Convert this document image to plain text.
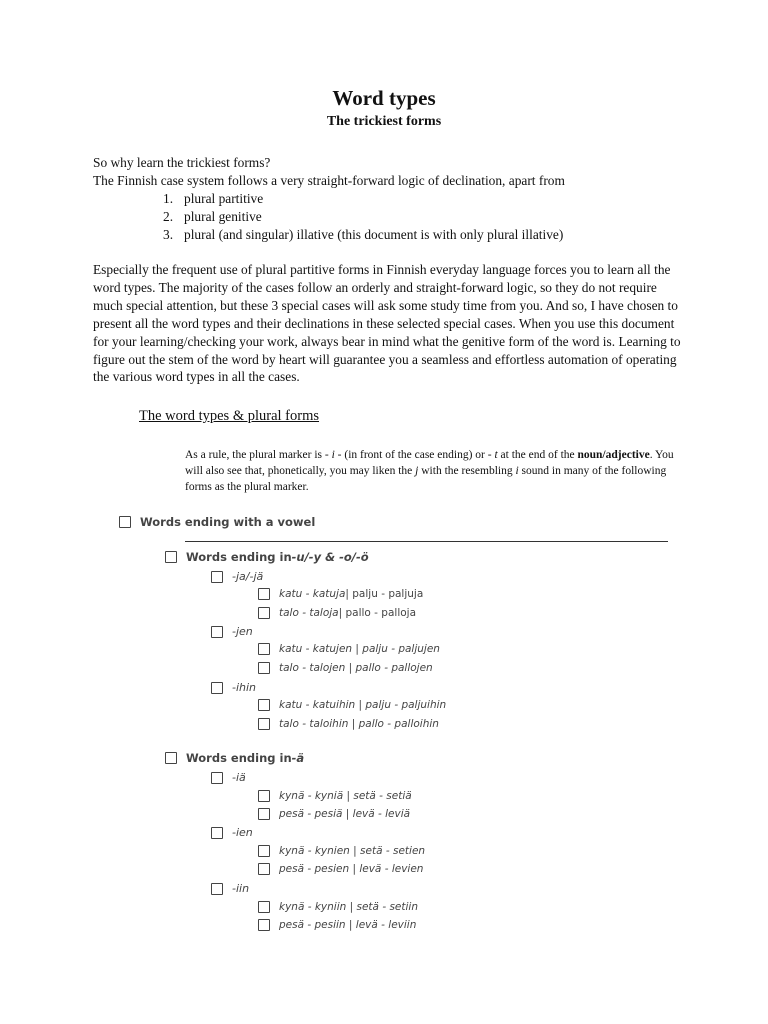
Word types
The trickiest forms

So why learn the trickiest forms?

The Finnish case system follows a very straight-forward logic of declination, apart from

1. plural partitive
2. plural genitive
3. plural (and singular) illative (this document is with only plural illative)
Especially the frequent use of plural partitive forms in Finnish everyday language forces you to learn all the word types. The majority of the cases follow an orderly and straight-forward logic, so they do not require much special attention, but these 3 special cases will ask some study time from you. And so, I have chosen to present all the word types and their declinations in these selected special cases. When you use this document for your learning/checking your work, always bear in mind what the genitive form of the word is. Learning to figure out the stem of the word by heart will guarantee you a seamless and effortless automation of operating the various word types in all the cases.
The word types & plural forms
As a rule, the plural marker is - i - (in front of the case ending) or - t at the end of the noun/adjective. You will also see that, phonetically, you may liken the j with the resembling i sound in many of the following forms as the plural marker.
Words ending with a vowel
Words ending in -u/-y & -o/-ö
-ja/-jä
katu - katuja | palju - paljuja
talo - taloja | pallo - palloja
-jen
katu - katujen | palju - paljujen
talo - talojen | pallo - pallojen
-ihin
katu - katuihin | palju - paljuihin
talo - taloihin | pallo - palloihin
Words ending in -ä
-iä
kynä - kyniä | setä - setiä
pesä - pesiä | levä - leviä
-ien
kynä - kynien | setä - setien
pesä - pesien | levä - levien
-iin
kynä - kyniin | setä - setiin
pesä - pesiin | levä - leviin
